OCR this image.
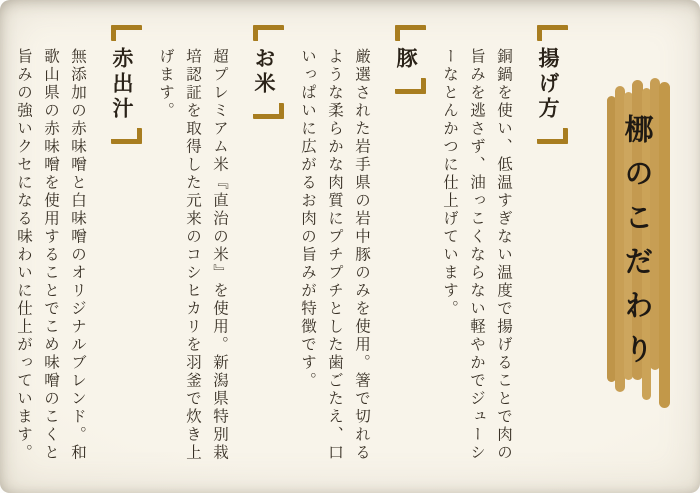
梛のこだわり
揚げ方
銅鍋を使い、低温すぎない温度で揚げることで肉の
旨みを逃さず、油っこくならない軽やかでジューシ
ーなとんかつに仕上げています。
豚
厳選された岩手県の岩中豚のみを使用。箸で切れる
ような柔らかな肉質にプチプチとした歯ごたえ、口
いっぱいに広がるお肉の旨みが特徴です。
お米
超プレミアム米『直治の米』を使用。新潟県特別栽
培認証を取得した元来のコシヒカリを羽釜で炊き上
げます。
赤出汁
無添加の赤味噌と白味噌のオリジナルブレンド。和
歌山県の赤味噌を使用することでこめ味噌のこくと
旨みの強いクセになる味わいに仕上がっています。
